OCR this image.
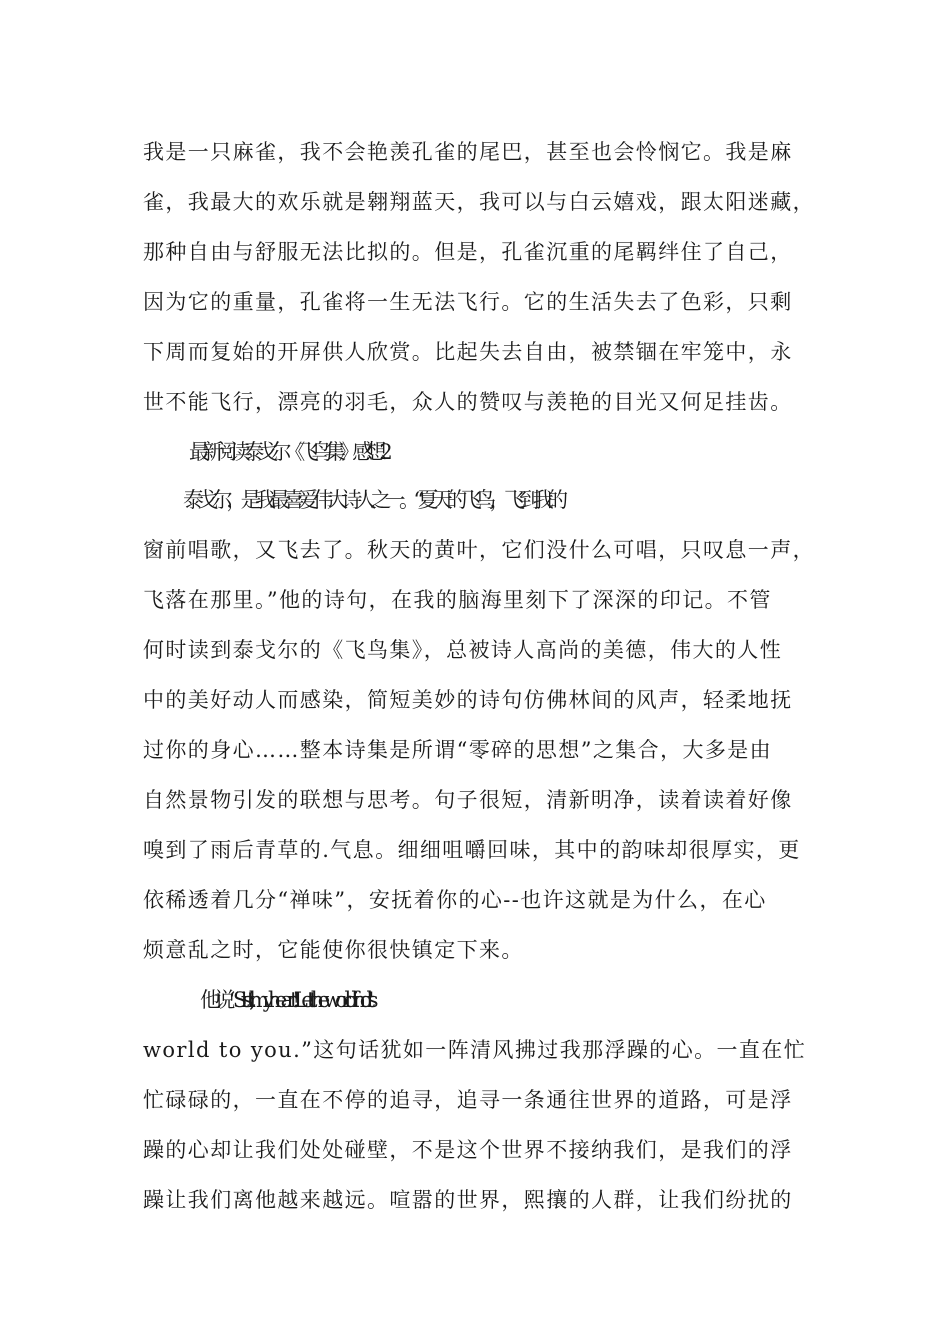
我是一只麻雀，我不会艳羡孔雀的尾巴，甚至也会怜悯它。我是麻
雀，我最大的欢乐就是翱翔蓝天，我可以与白云嬉戏，跟太阳迷藏，
那种自由与舒服无法比拟的。但是，孔雀沉重的尾羁绊住了自己，
因为它的重量，孔雀将一生无法飞行。它的生活失去了色彩，只剩
下周而复始的开屏供人欣赏。比起失去自由，被禁锢在牢笼中，永
世不能飞行，漂亮的羽毛，众人的赞叹与羡艳的目光又何足挂齿。
最新阅读泰戈尔《飞鸟集》感想2
泰戈尔，是我最喜爱伟大诗人之一。“夏天的飞鸟，飞到我的
窗前唱歌，又飞去了。秋天的黄叶，它们没什么可唱，只叹息一声，
飞落在那里。”他的诗句，在我的脑海里刻下了深深的印记。不管
何时读到泰戈尔的《飞鸟集》，总被诗人高尚的美德，伟大的人性
中的美好动人而感染，简短美妙的诗句仿佛林间的风声，轻柔地抚
过你的身心……整本诗集是所谓“零碎的思想”之集合，大多是由
自然景物引发的联想与思考。句子很短，清新明净，读着读着好像
嗅到了雨后青草的.气息。细细咀嚼回味，其中的韵味却很厚实，更
依稀透着几分“禅味”，安抚着你的心--也许这就是为什么，在心
烦意乱之时，它能使你很快镇定下来。
他说“Sit still, my heart ! Let the world findit's
world to you.”这句话犹如一阵清风拂过我那浮躁的心。一直在忙
忙碌碌的，一直在不停的追寻，追寻一条通往世界的道路，可是浮
躁的心却让我们处处碰壁，不是这个世界不接纳我们，是我们的浮
躁让我们离他越来越远。喧嚣的世界，熙攘的人群，让我们纷扰的
